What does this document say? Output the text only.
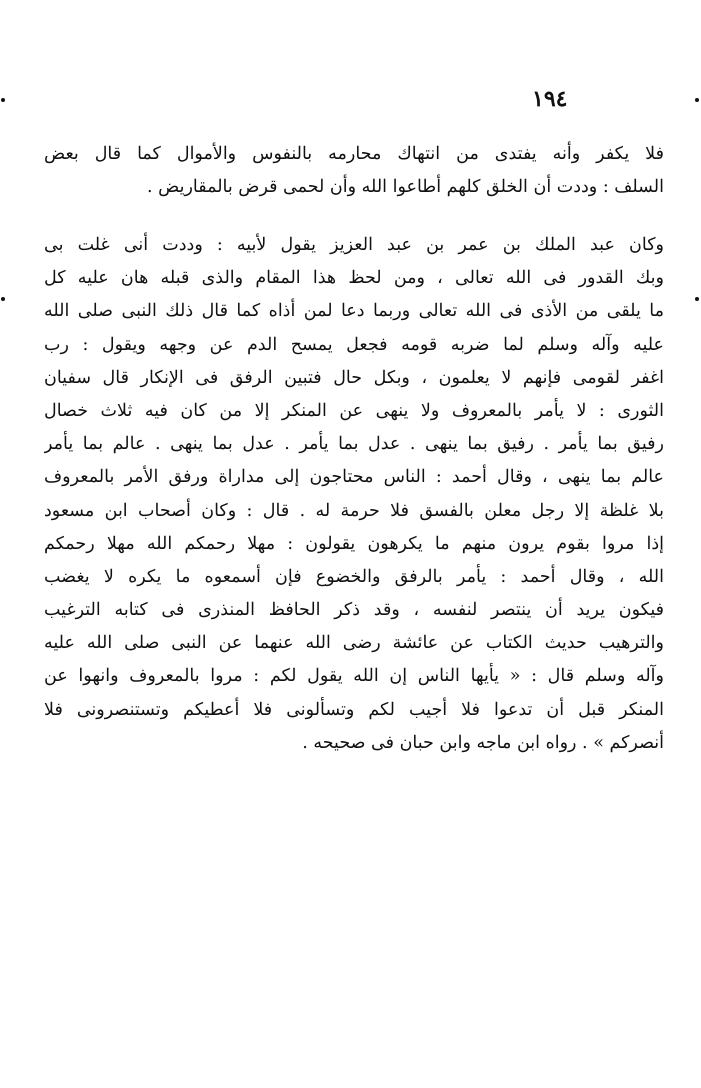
١٩٤
فلا يكفر وأنه يفتدى من انتهاك محارمه بالنفوس والأموال كما قال بعض
السلف : وددت أن الخلق كلهم أطاعوا الله وأن لحمى قرض بالمقاريض .
وكان عبد الملك بن عمر بن عبد العزيز يقول لأبيه : وددت أنى غلت بى
وبك القدور فى الله تعالى ، ومن لحظ هذا المقام والذى قبله هان عليه كل
ما يلقى من الأذى فى الله تعالى وربما دعا لمن أذاه كما قال ذلك النبى صلى الله
عليه وآله وسلم لما ضربه قومه فجعل يمسح الدم عن وجهه ويقول : رب
اغفر لقومى فإنهم لا يعلمون ، وبكل حال فتبين الرفق فى الإنكار قال سفيان
الثورى : لا يأمر بالمعروف ولا ينهى عن المنكر إلا من كان فيه ثلاث خصال
رفيق بما يأمر . رفيق بما ينهى . عدل بما يأمر . عدل بما ينهى . عالم بما يأمر
عالم بما ينهى ، وقال أحمد : الناس محتاجون إلى مداراة ورفق الأمر بالمعروف
بلا غلظة إلا رجل معلن بالفسق فلا حرمة له . قال : وكان أصحاب ابن مسعود
إذا مروا بقوم يرون منهم ما يكرهون يقولون : مهلا رحمكم الله مهلا رحمكم
الله ، وقال أحمد : يأمر بالرفق والخضوع فإن أسمعوه ما يكره لا يغضب
فيكون يريد أن ينتصر لنفسه ، وقد ذكر الحافظ المنذرى فى كتابه الترغيب
والترهيب حديث الكتاب عن عائشة رضى الله عنهما عن النبى صلى الله عليه
وآله وسلم قال : « يأيها الناس إن الله يقول لكم : مروا بالمعروف وانهوا عن
المنكر قبل أن تدعوا فلا أجيب لكم وتسألونى فلا أعطيكم وتستنصرونى فلا
أنصركم » . رواه ابن ماجه وابن حبان فى صحيحه .
